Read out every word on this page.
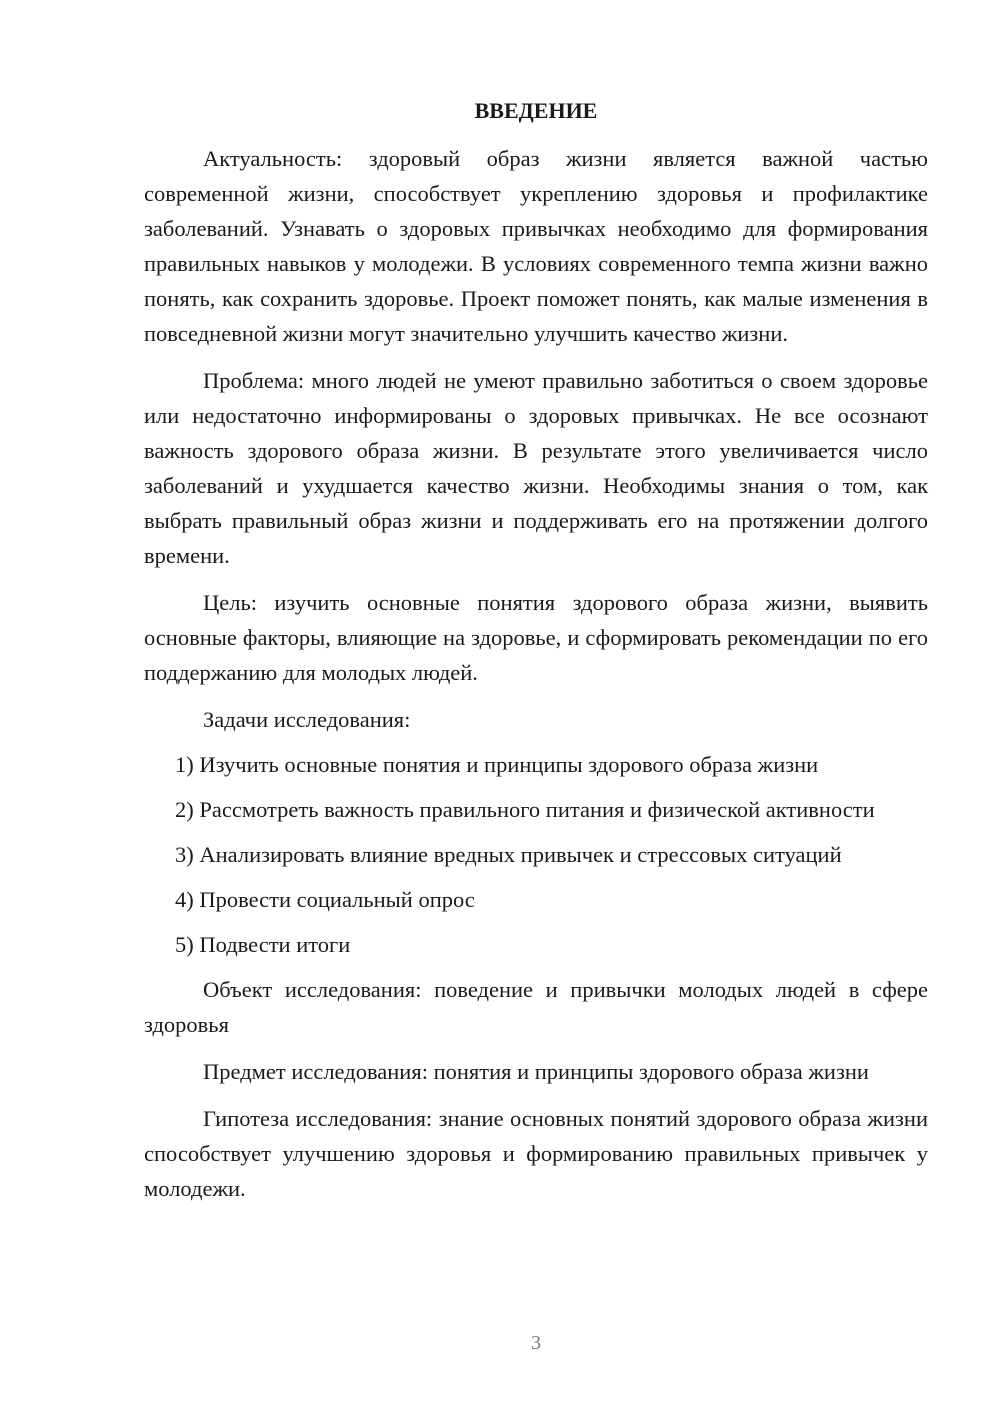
ВВЕДЕНИЕ

Актуальность: здоровый образ жизни является важной частью современной жизни, способствует укреплению здоровья и профилактике заболеваний. Узнавать о здоровых привычках необходимо для формирования правильных навыков у молодежи. В условиях современного темпа жизни важно понять, как сохранить здоровье. Проект поможет понять, как малые изменения в повседневной жизни могут значительно улучшить качество жизни.

Проблема: много людей не умеют правильно заботиться о своем здоровье или недостаточно информированы о здоровых привычках. Не все осознают важность здорового образа жизни. В результате этого увеличивается число заболеваний и ухудшается качество жизни. Необходимы знания о том, как выбрать правильный образ жизни и поддерживать его на протяжении долгого времени.

Цель: изучить основные понятия здорового образа жизни, выявить основные факторы, влияющие на здоровье, и сформировать рекомендации по его поддержанию для молодых людей.

Задачи исследования:

1) Изучить основные понятия и принципы здорового образа жизни

2) Рассмотреть важность правильного питания и физической активности

3) Анализировать влияние вредных привычек и стрессовых ситуаций

4) Провести социальный опрос

5) Подвести итоги

Объект исследования: поведение и привычки молодых людей в сфере здоровья

Предмет исследования: понятия и принципы здорового образа жизни

Гипотеза исследования: знание основных понятий здорового образа жизни способствует улучшению здоровья и формированию правильных привычек у молодежи.

3
